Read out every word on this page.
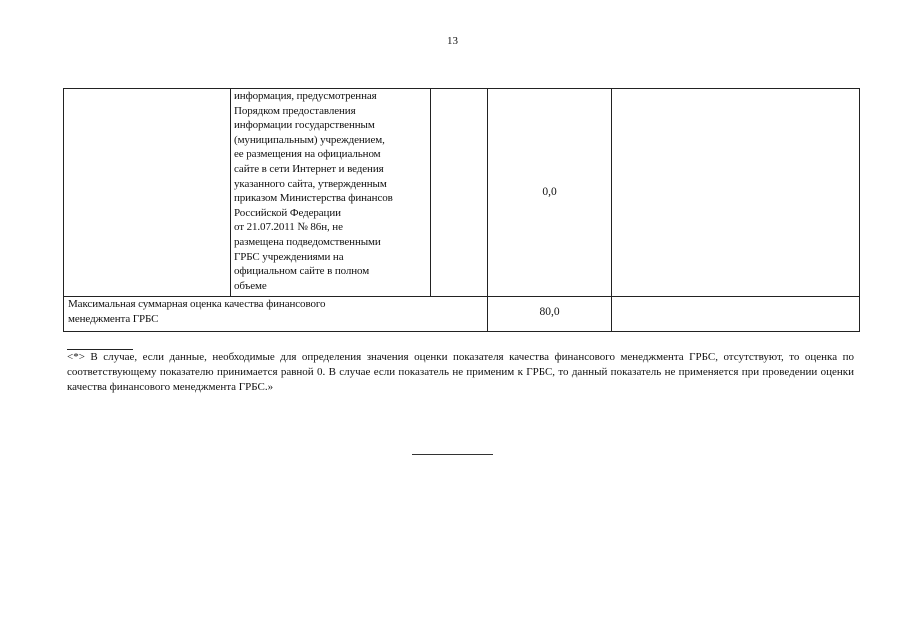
13
информация, предусмотренная
Порядком предоставления
информации государственным
(муниципальным) учреждением,
ее размещения на официальном
сайте в сети Интернет и ведения
указанного сайта, утвержденным
приказом Министерства финансов
Российской Федерации
от 21.07.2011 № 86н, не
размещена подведомственными
ГРБС учреждениями на
официальном сайте в полном
объеме
0,0
Максимальная суммарная оценка качества финансового
менеджмента ГРБС
80,0
<*> В случае, если данные, необходимые для определения значения оценки показателя качества финансового менеджмента ГРБС, отсутствуют, то оценка по соответствующему показателю принимается равной 0. В случае если показатель не применим к ГРБС, то данный показатель не применяется при проведении оценки качества финансового менеджмента ГРБС.»
